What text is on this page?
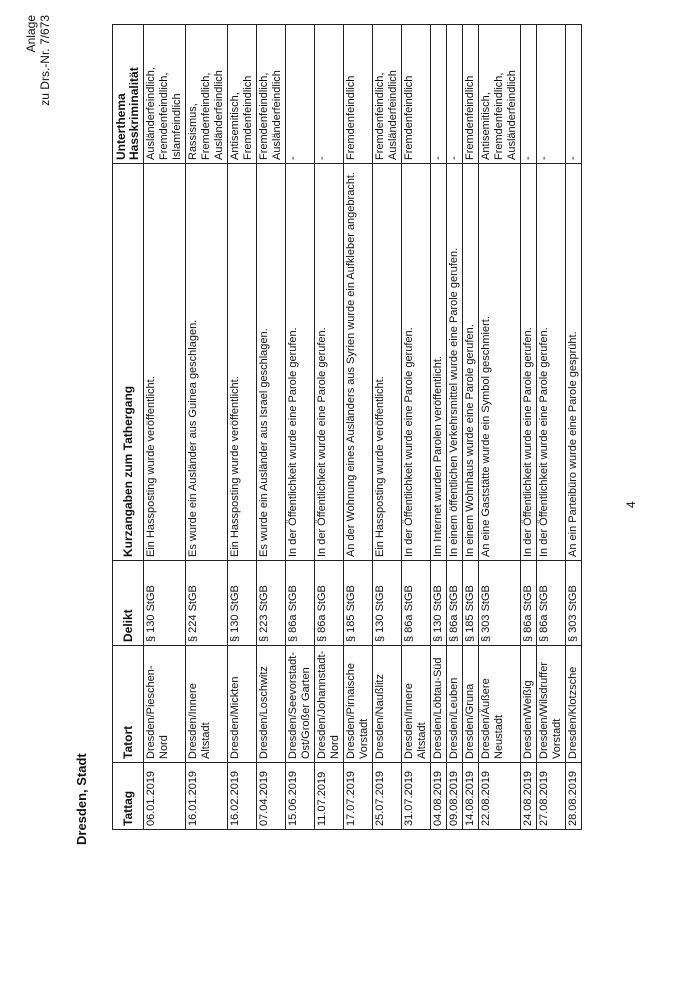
Anlage zu Drs.-Nr. 7/673
Dresden, Stadt	Tattag	Tatort	Delikt	Kurzangaben zum Tathergang	Unterthema Hasskriminalität
06.01.2019	Dresden/Pieschen-Nord	§ 130 StGB	Ein Hassposting wurde veröffentlicht.	Ausländerfeindlich, Fremdenfeindlich, Islamfeindlich
16.01.2019	Dresden/Innere Altstadt	§ 224 StGB	Es wurde ein Ausländer aus Guinea geschlagen.	Rassismus, Fremdenfeindlich, Ausländerfeindlich
16.02.2019	Dresden/Mickten	§ 130 StGB	Ein Hassposting wurde veröffentlicht.	Antisemitisch, Fremdenfeindlich
07.04.2019	Dresden/Loschwitz	§ 223 StGB	Es wurde ein Ausländer aus Israel geschlagen.	Fremdenfeindlich, Ausländerfeindlich
15.06.2019	Dresden/Seevorstadt-Ost/Großer Garten	§ 86a StGB	In der Öffentlichkeit wurde eine Parole gerufen.	-
11.07.2019	Dresden/Johannstadt-Nord	§ 86a StGB	In der Öffentlichkeit wurde eine Parole gerufen.	-
17.07.2019	Dresden/Pirnaische Vorstadt	§ 185 StGB	An der Wohnung eines Ausländers aus Syrien wurde ein Aufkleber angebracht.	Fremdenfeindlich
25.07.2019	Dresden/Naußlitz	§ 130 StGB	Ein Hassposting wurde veröffentlicht.	Fremdenfeindlich, Ausländerfeindlich
31.07.2019	Dresden/Innere Altstadt	§ 86a StGB	In der Öffentlichkeit wurde eine Parole gerufen.	Fremdenfeindlich
04.08.2019	Dresden/Löbtau-Süd	§ 130 StGB	Im Internet wurden Parolen veröffentlicht.	-
09.08.2019	Dresden/Leuben	§ 86a StGB	In einem öffentlichen Verkehrsmittel wurde eine Parole gerufen.	-
14.08.2019	Dresden/Gruna	§ 185 StGB	In einem Wohnhaus wurde eine Parole gerufen.	Fremdenfeindlich
22.08.2019	Dresden/Äußere Neustadt	§ 303 StGB	An eine Gaststätte wurde ein Symbol geschmiert.	Antisemitisch, Fremdenfeindlich, Ausländerfeindlich
24.08.2019	Dresden/Weißig	§ 86a StGB	In der Öffentlichkeit wurde eine Parole gerufen.	-
27.08.2019	Dresden/Wilsdruffer Vorstadt	§ 86a StGB	In der Öffentlichkeit wurde eine Parole gerufen.	-
28.08.2019	Dresden/Klotzsche	§ 303 StGB	An ein Parteibüro wurde eine Parole gesprüht.	-
4
